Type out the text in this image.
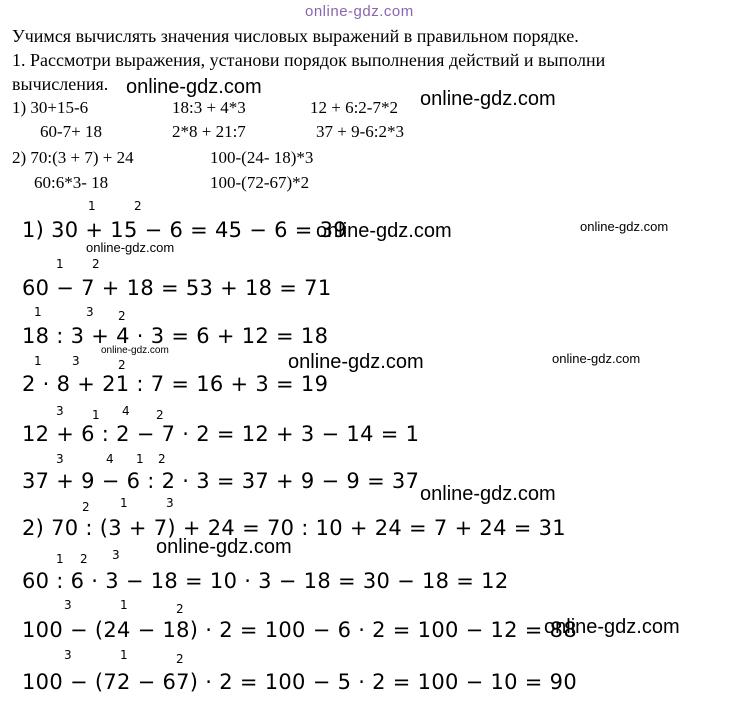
online-gdz.com
Учимся вычислять значения числовых выражений в правильном порядке.
1. Рассмотри выражения, установи порядок выполнения действий и выполни
вычисления.
1) 30+15-6	18:3 + 4*3	12 + 6:2-7*2
60-7+ 18	2*8 + 21:7	37 + 9-6:2*3
2) 70:(3 + 7) + 24	100-(24- 18)*3
60:6*3- 18	100-(72-67)*2
1	2
1) 30 + 15 − 6 = 45 − 6 = 39
1 2
60 − 7 + 18 = 53 + 18 = 71
1	3 2
18 : 3 + 4 · 3 = 6 + 12 = 18
1	3	2
2 · 8 + 21 : 7 = 16 + 3 = 19
3 1 4 2
12 + 6 : 2 − 7 · 2 = 12 + 3 − 14 = 1
3	4 1 2
37 + 9 − 6 : 2 · 3 = 37 + 9 − 9 = 37
2	1	3
2) 70 : (3 + 7) + 24 = 70 : 10 + 24 = 7 + 24 = 31
1 2 3
60 : 6 · 3 − 18 = 10 · 3 − 18 = 30 − 18 = 12
3	1	2
100 − (24 − 18) · 2 = 100 − 6 · 2 = 100 − 12 = 88
3	1	2
100 − (72 − 67) · 2 = 100 − 5 · 2 = 100 − 10 = 90
online-gdz.com
online-gdz.com
online-gdz.com	online-gdz.com
online-gdz.com
online-gdz.com
online-gdz.com	online-gdz.com
online-gdz.com
online-gdz.com
online-gdz.com
